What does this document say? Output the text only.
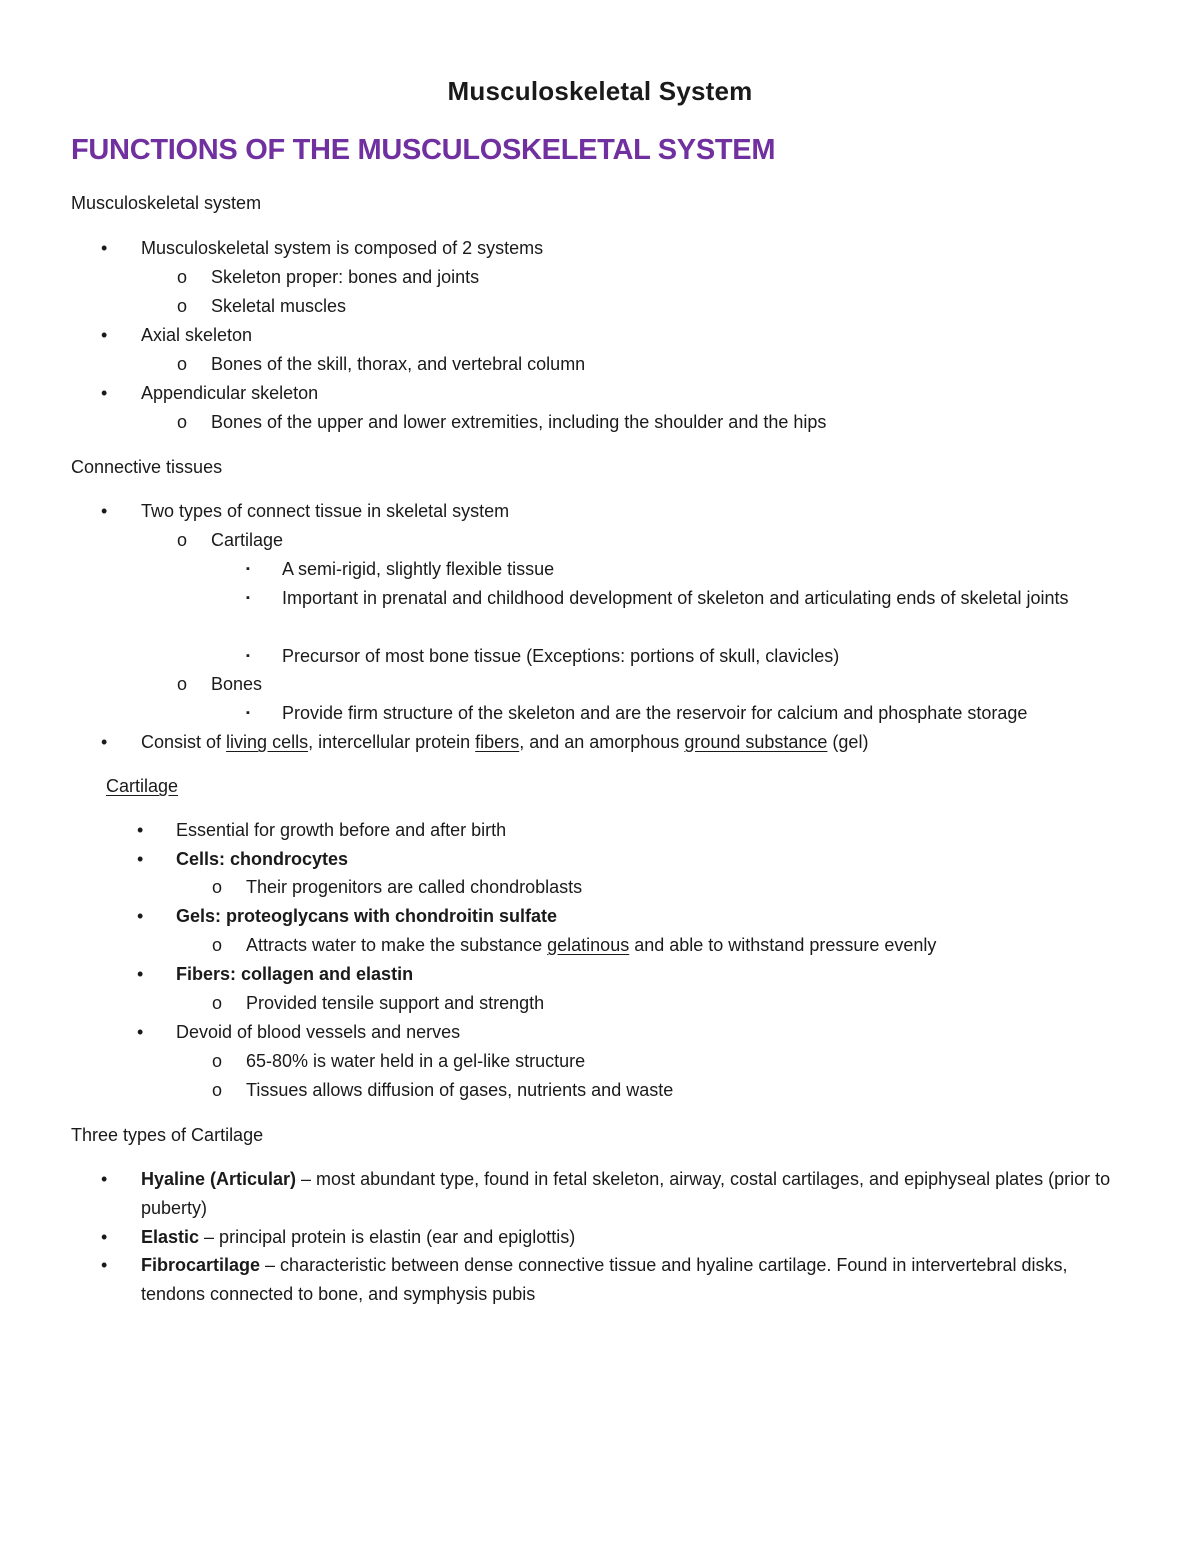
Musculoskeletal System
FUNCTIONS OF THE MUSCULOSKELETAL SYSTEM
Musculoskeletal system
• Musculoskeletal system is composed of 2 systems
o Skeleton proper: bones and joints
o Skeletal muscles
• Axial skeleton
o Bones of the skill, thorax, and vertebral column
• Appendicular skeleton
o Bones of the upper and lower extremities, including the shoulder and the hips
Connective tissues
• Two types of connect tissue in skeletal system
o Cartilage
▪ A semi-rigid, slightly flexible tissue
▪ Important in prenatal and childhood development of skeleton and articulating ends of skeletal joints
▪ Precursor of most bone tissue (Exceptions: portions of skull, clavicles)
o Bones
▪ Provide firm structure of the skeleton and are the reservoir for calcium and phosphate storage
• Consist of living cells, intercellular protein fibers, and an amorphous ground substance (gel)
Cartilage
• Essential for growth before and after birth
• Cells: chondrocytes
o Their progenitors are called chondroblasts
• Gels: proteoglycans with chondroitin sulfate
o Attracts water to make the substance gelatinous and able to withstand pressure evenly
• Fibers: collagen and elastin
o Provided tensile support and strength
• Devoid of blood vessels and nerves
o 65-80% is water held in a gel-like structure
o Tissues allows diffusion of gases, nutrients and waste
Three types of Cartilage
• Hyaline (Articular) – most abundant type, found in fetal skeleton, airway, costal cartilages, and epiphyseal plates (prior to puberty)
• Elastic – principal protein is elastin (ear and epiglottis)
• Fibrocartilage – characteristic between dense connective tissue and hyaline cartilage. Found in intervertebral disks, tendons connected to bone, and symphysis pubis
